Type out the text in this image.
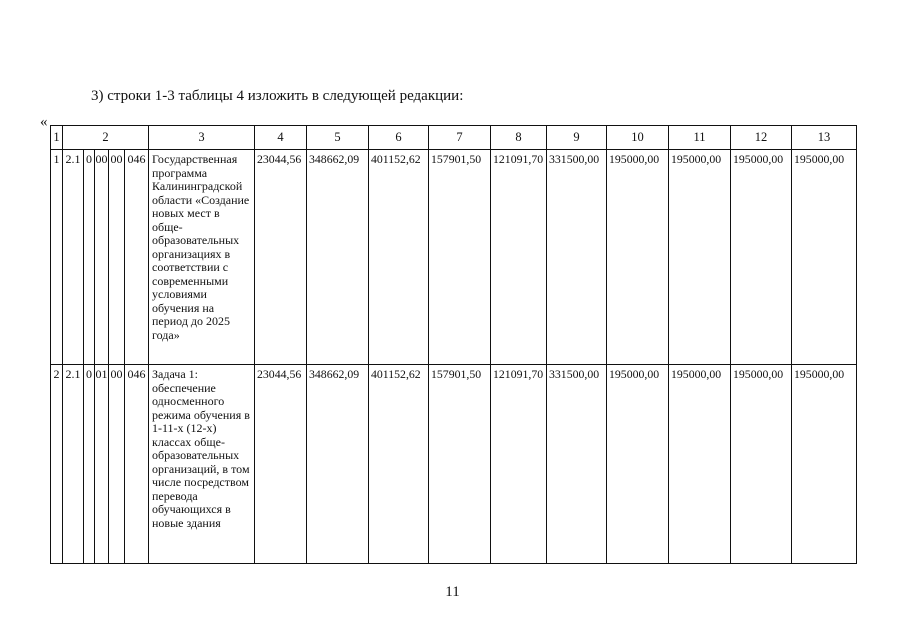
3) строки 1-3 таблицы 4 изложить в следующей редакции:
«
1	2					3	4	5	6	7	8	9	10	11	12	13
1	2.1	0	00	00	046	Государственная программа Калининградской области «Создание новых мест в обще-образовательных организациях в соответствии с современными условиями обучения на период до 2025 года»	23044,56	348662,09	401152,62	157901,50	121091,70	331500,00	195000,00	195000,00	195000,00	195000,00
2	2.1	0	01	00	046	Задача 1: обеспечение односменного режима обучения в 1-11-х (12-х) классах обще-образовательных организаций, в том числе посредством перевода обучающихся в новые здания	23044,56	348662,09	401152,62	157901,50	121091,70	331500,00	195000,00	195000,00	195000,00	195000,00
11
